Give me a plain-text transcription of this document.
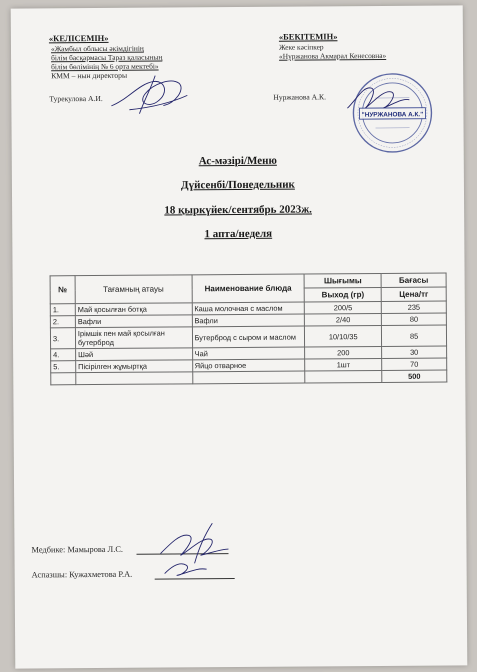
«КЕЛІСЕМІН»
«Жамбыл облысы әкімдігінің
білім басқармасы Тараз қаласының
білім бөлімінің № 6 орта мектебі»
КММ – нын директоры
Турекулова А.И.
«БЕКІТЕМІН»
Жеке кәсіпкер
«Нуржанова Акмарал Кенесовна»
Нуржанова А.К.
"НУРЖАНОВА А.К."
Ас-мәзірі/Меню
Дүйсенбі/Понедельник
18 қыркүйек/сентябрь 2023ж.
1 апта/неделя
№	Тағамның атауы	Наименование блюда	Шығымы	Бағасы
			Выход (гр)	Цена/тг
1.	Май қосылған ботқа	Каша молочная с маслом	200/5	235
2.	Вафли	Вафли	2/40	80
3.	Ірімшік пен май қосылған бутерброд	Бутерброд с сыром и маслом	10/10/35	85
4.	Шәй	Чай	200	30
5.	Пісірілген жұмыртқа	Яйцо отварное	1шт	70
				500
Медбике: Мамырова Л.С.
Аспазшы: Кужахметова Р.А.
